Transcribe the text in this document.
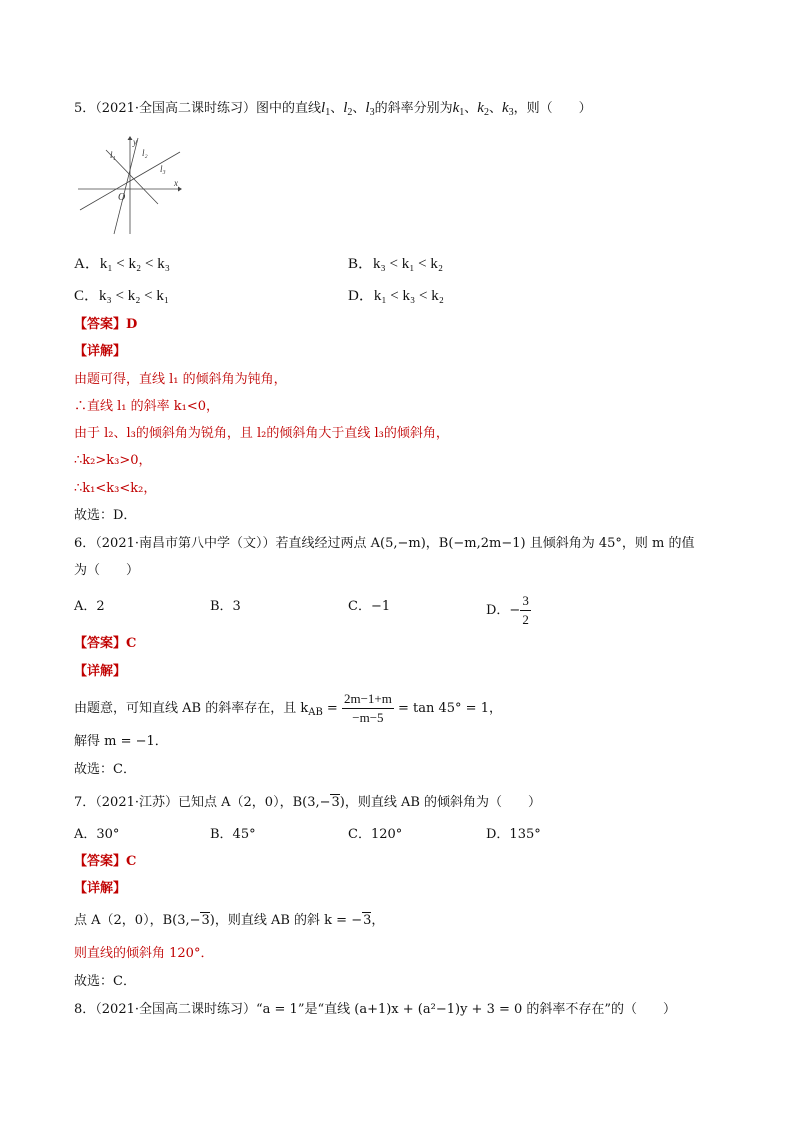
5．（2021·全国高二课时练习）图中的直线$l_1$、$l_2$、$l_3$的斜率分别为$k_1$、$k_2$、$k_3$，则（　　）
x
y
O
l₁	l₂
l₃
A．k₁ < k₂ < k₃	B．k₃ < k₁ < k₂
C．k₃ < k₂ < k₁	D．k₁ < k₃ < k₂
【答案】D
【详解】
由题可得，直线 l₁ 的倾斜角为钝角，
∴直线 l₁ 的斜率 k₁<0，
由于 l₂、l₃的倾斜角为锐角，且 l₂的倾斜角大于直线 l₃的倾斜角，
∴k₂>k₃>0，
∴k₁<k₃<k₂，
故选：D．
6．（2021·南昌市第八中学（文））若直线经过两点 A(5,−m)，B(−m,2m−1) 且倾斜角为 45°，则 m 的值
为（　　）
A．2	B．3	C．−1	D．− $\frac{3}{2}$
【答案】C
【详解】
由题意，可知直线 AB 的斜率存在，且 $k_{AB} = \frac{2m-1+m}{-m-5} = \tan 45^\circ = 1$，
解得 m = −1．
故选：C．
7．（2021·江苏）已知点 A（2，0），B(3,−3)，则直线 AB 的倾斜角为（　　）
A．30°	B．45°	C．120°	D．135°
【答案】C
【详解】
点 A（2，0），B(3,−3)，则直线 AB 的斜 k = −3，
则直线的倾斜角 120°．
故选：C．
8．（2021·全国高二课时练习）“a = 1”是“直线 (a+1)x + (a²−1)y + 3 = 0 的斜率不存在”的（　　）
